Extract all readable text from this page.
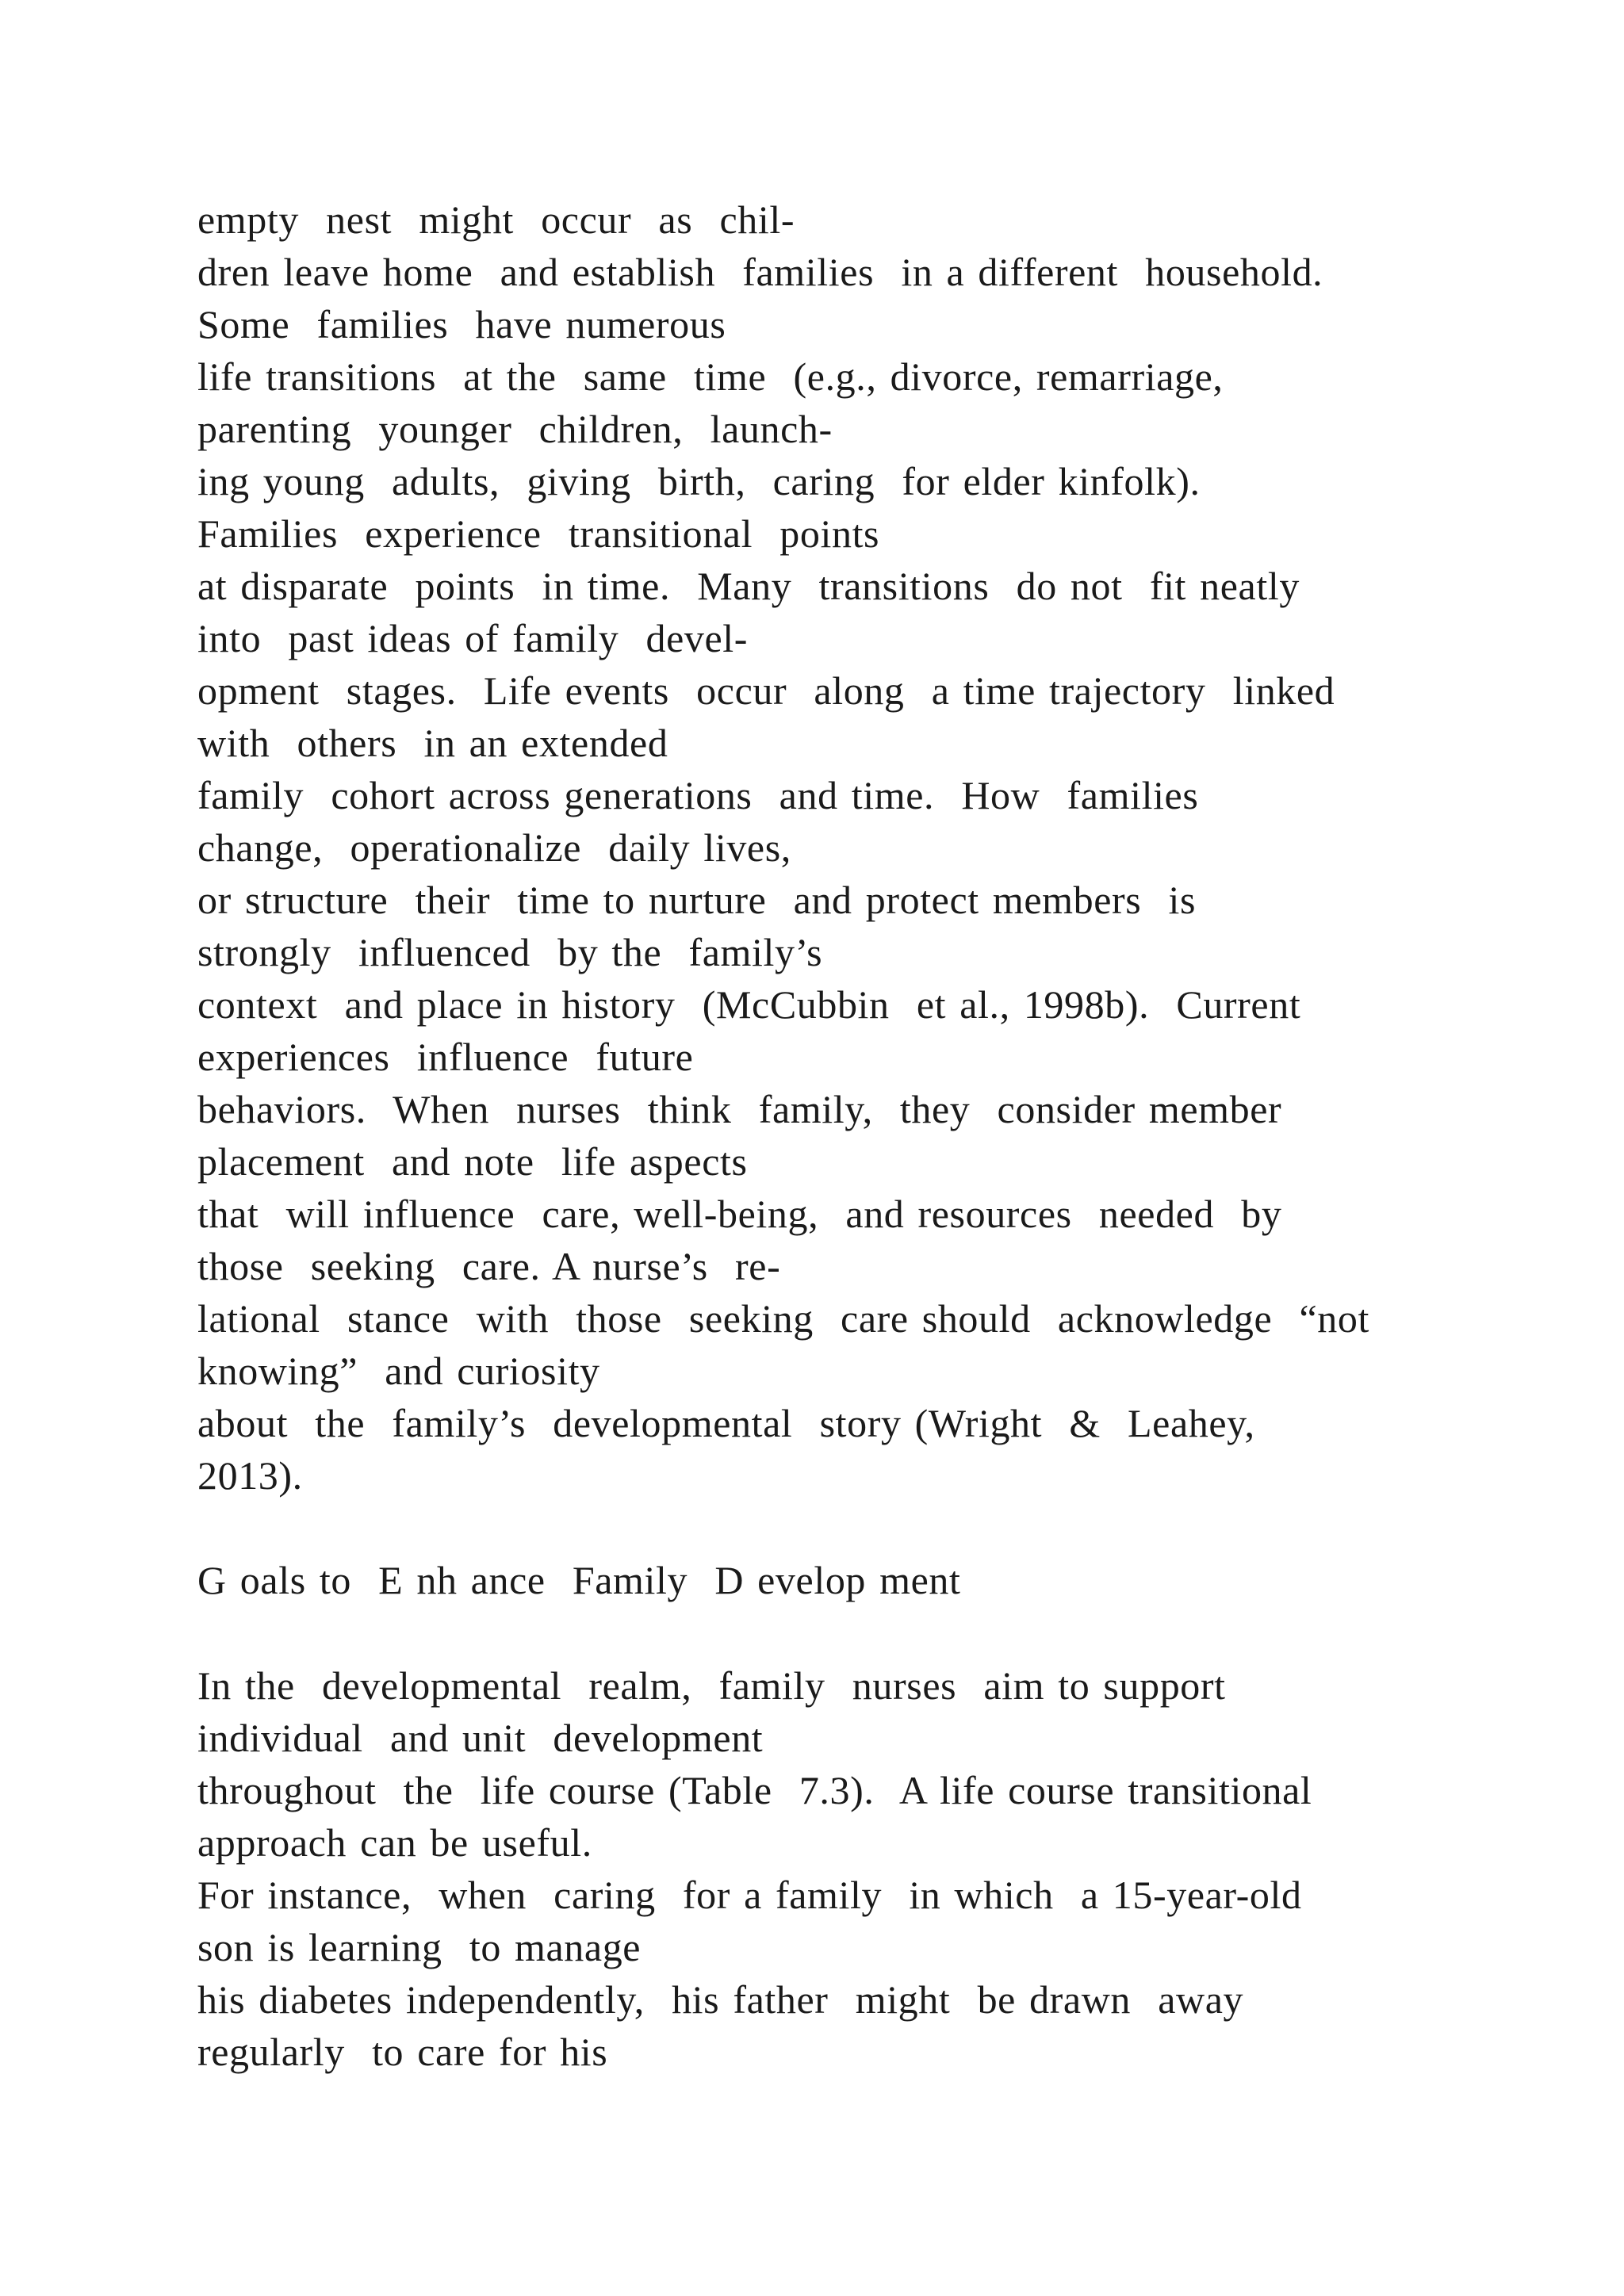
empty  nest  might  occur  as  chil-
dren leave home  and establish  families  in a different  household.
Some  families  have numerous
life transitions  at the  same  time  (e.g., divorce, remarriage,
parenting  younger  children,  launch-
ing young  adults,  giving  birth,  caring  for elder kinfolk).
Families  experience  transitional  points
at disparate  points  in time.  Many  transitions  do not  fit neatly
into  past ideas of family  devel-
opment  stages.  Life events  occur  along  a time trajectory  linked
with  others  in an extended
family  cohort across generations  and time.  How  families
change,  operationalize  daily lives,
or structure  their  time to nurture  and protect members  is
strongly  influenced  by the  family’s
context  and place in history  (McCubbin  et al., 1998b).  Current
experiences  influence  future
behaviors.  When  nurses  think  family,  they  consider member
placement  and note  life aspects
that  will influence  care, well-being,  and resources  needed  by
those  seeking  care. A nurse’s  re-
lational  stance  with  those  seeking  care should  acknowledge  “not
knowing”  and curiosity
about  the  family’s  developmental  story (Wright  &  Leahey,
2013).
G oals to  E nh ance  Family  D evelop ment
In the  developmental  realm,  family  nurses  aim to support
individual  and unit  development
throughout  the  life course (Table  7.3).  A life course transitional
approach can be useful.
For instance,  when  caring  for a family  in which  a 15-year-old
son is learning  to manage
his diabetes independently,  his father  might  be drawn  away
regularly  to care for his
